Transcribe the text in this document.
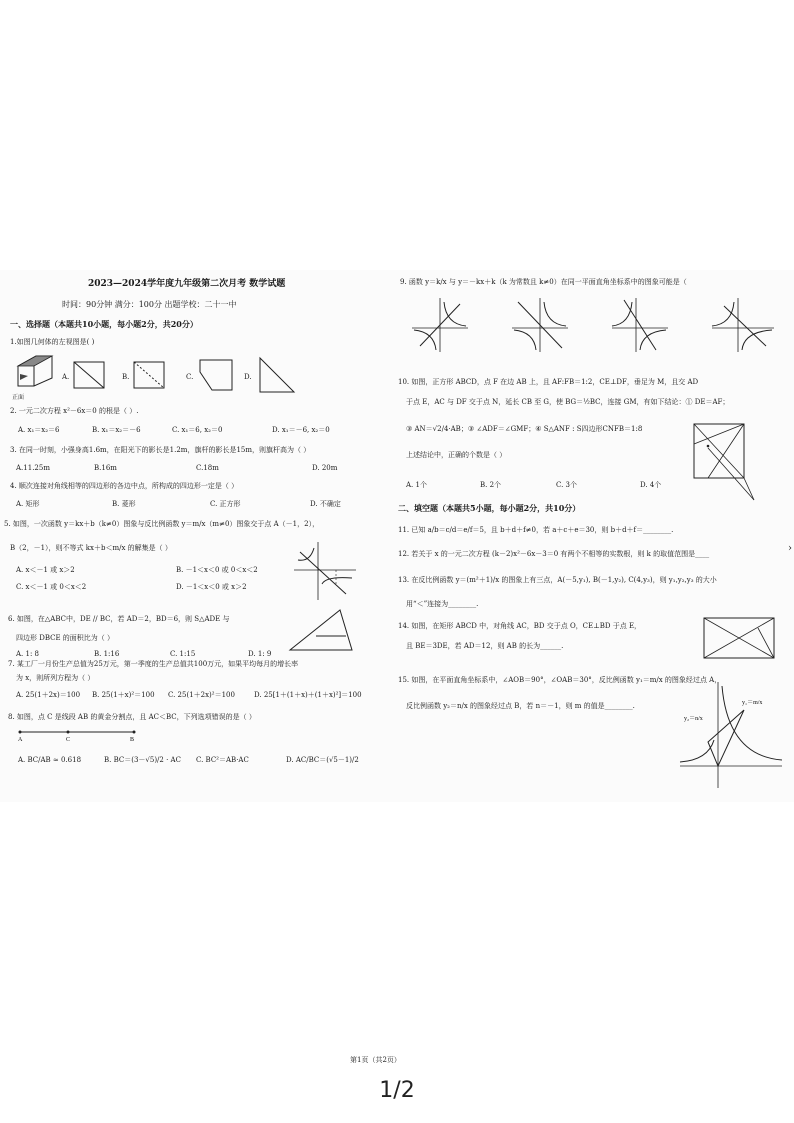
2023—2024学年度九年级第二次月考 数学试题
时间：90分钟 满分：100分 出题学校：二十一中
一、选择题（本题共10小题，每小题2分，共20分）
1.如图几何体的左视图是( )
正面
A.	B.	C.	D.
2. 一元二次方程 x²－6x＝0 的根是（ ）.
A. x₁＝x₂＝6	B. x₁＝x₂＝－6	C. x₁＝6, x₂＝0	D. x₁＝－6, x₂＝0
3. 在同一时刻，小强身高1.6m，在阳光下的影长是1.2m，旗杆的影长是15m，则旗杆高为（ ）
A.11.25m	B.16m	C.18m	D. 20m
4. 顺次连接对角线相等的四边形的各边中点，所构成的四边形一定是（ ）
A. 矩形	B. 菱形	C. 正方形	D. 不确定
5. 如图，一次函数 y＝kx＋b（k≠0）图象与反比例函数 y＝m/x（m≠0）图象交于点 A（－1，2），
B（2，－1），则不等式 kx＋b＜m/x 的解集是（ ）
A. x＜－1 或 x＞2	B. －1＜x＜0 或 0＜x＜2
C. x＜－1 或 0＜x＜2	D. －1＜x＜0 或 x＞2
6. 如图，在△ABC中，DE // BC，若 AD＝2，BD＝6，则 S△ADE 与
四边形 DBCE 的面积比为（ ）
A. 1: 8	B. 1:16	C. 1:15	D. 1: 9
7. 某工厂一月份生产总值为25万元，第一季度的生产总值共100万元，如果平均每月的增长率
为 x，则所列方程为（ ）
A. 25(1＋2x)＝100 B. 25(1＋x)²＝100 C. 25(1＋2x)²＝100	D. 25[1＋(1＋x)＋(1＋x)²]＝100
8. 如图，点 C 是线段 AB 的黄金分割点，且 AC＜BC，下列选项错误的是（ ）
A	C	B
A. BC/AB ≈ 0.618	B. BC＝(3－√5)/2 · AC C. BC²＝AB·AC	D. AC/BC＝(√5－1)/2
9. 函数 y＝k/x 与 y＝－kx＋k（k 为常数且 k≠0）在同一平面直角坐标系中的图象可能是（
10. 如图，正方形 ABCD，点 F 在边 AB 上，且 AF:FB＝1:2，CE⊥DF，垂足为 M，且交 AD
于点 E，AC 与 DF 交于点 N，延长 CB 至 G，使 BG＝½BC，连接 GM，有如下结论：① DE＝AF；
③ AN＝√2/4·AB；③ ∠ADF＝∠GMF；④ S△ANF : S四边形CNFB＝1:8
上述结论中，正确的个数是（ ）
A. 1个	B. 2个	C. 3个	D. 4个
二、填空题（本题共5小题，每小题2分，共10分）
11. 已知 a/b＝c/d＝e/f＝5，且 b＋d＋f≠0，若 a＋c＋e＝30，则 b＋d＋f＝________.
12. 若关于 x 的一元二次方程 (k－2)x²－6x－3＝0 有两个不相等的实数根，则 k 的取值范围是____
13. 在反比例函数 y＝(m²＋1)/x 的图象上有三点，A(－5,y₁), B(－1,y₂), C(4,y₃)，则 y₁,y₂,y₃ 的大小
用“＜”连接为________.
14. 如图，在矩形 ABCD 中，对角线 AC，BD 交于点 O，CE⊥BD 于点 E，
且 BE＝3DE，若 AD＝12，则 AB 的长为______.
15. 如图，在平面直角坐标系中，∠AOB＝90°，∠OAB＝30°，反比例函数 y₁＝m/x 的图象经过点 A，
反比例函数 y₂＝n/x 的图象经过点 B，若 n＝－1，则 m 的值是________.
y₂＝n/x
y₁＝m/x
第1页（共2页）
›
1/2
